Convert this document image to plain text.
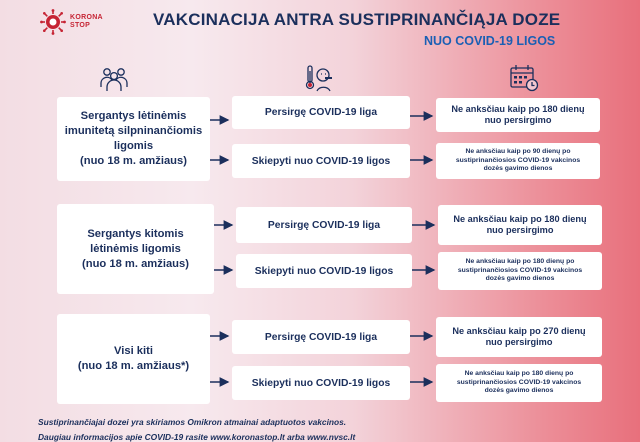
KORONA
STOP	VAKCINACIJA ANTRA SUSTIPRINANČIĄJA DOZE
NUO COVID-19 LIGOS
Sergantys lėtinėmis
imunitetą silpninančiomis
ligomis
(nuo 18 m. amžiaus)
Persirgę COVID-19 liga
Skiepyti nuo COVID-19 ligos
Ne anksčiau kaip po 180 dienų
nuo persirgimo
Ne anksčiau kaip po 90 dienų po
sustiprinančiosios COVID-19 vakcinos
dozės gavimo dienos
Sergantys kitomis
lėtinėmis ligomis
(nuo 18 m. amžiaus)
Persirgę COVID-19 liga
Skiepyti nuo COVID-19 ligos
Ne anksčiau kaip po 180 dienų
nuo persirgimo
Ne anksčiau kaip po 180 dienų po
sustiprinančiosios COVID-19 vakcinos
dozės gavimo dienos
Visi kiti
(nuo 18 m. amžiaus*)
Persirgę COVID-19 liga
Skiepyti nuo COVID-19 ligos
Ne anksčiau kaip po 270 dienų
nuo persirgimo
Ne anksčiau kaip po 180 dienų po
sustiprinančiosios COVID-19 vakcinos
dozės gavimo dienos
Sustiprinančiajai dozei yra skiriamos Omikron atmainai adaptuotos vakcinos.
Daugiau informacijos apie COVID-19 rasite www.koronastop.lt arba www.nvsc.lt
